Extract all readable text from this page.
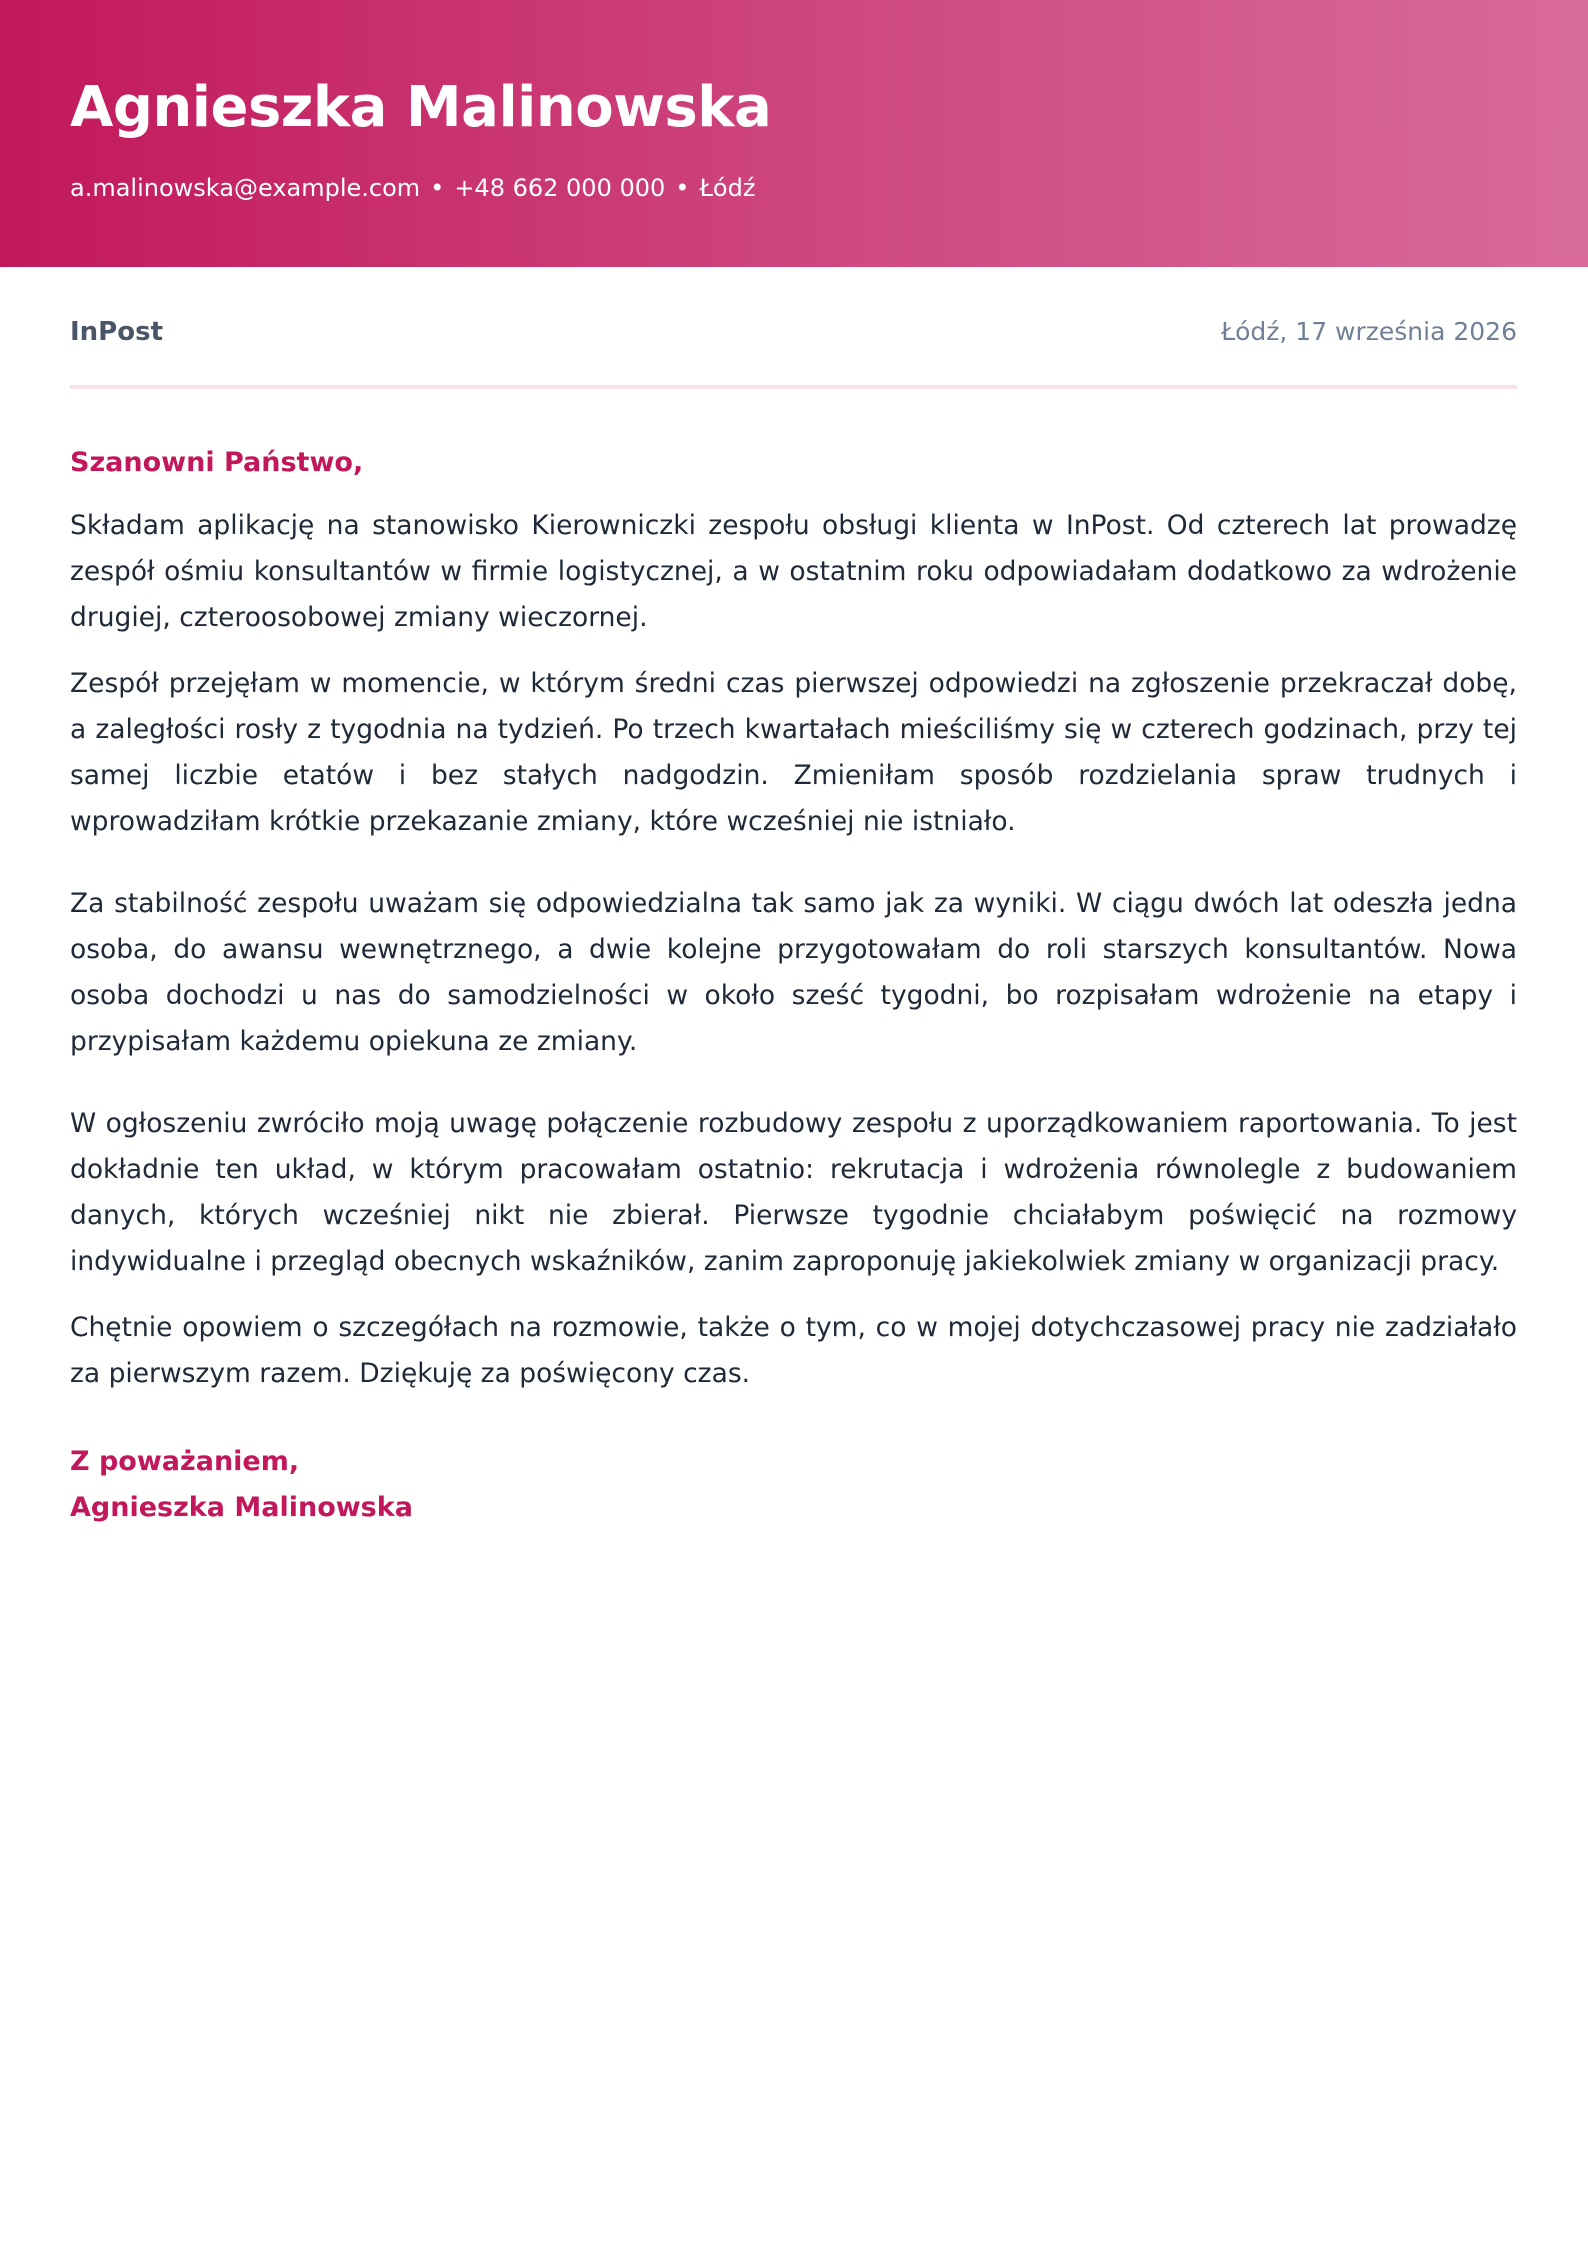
Agnieszka Malinowska
a.malinowska@example.com • +48 662 000 000 • Łódź
InPost	Łódź, 17 września 2026

Szanowni Państwo,

Składam aplikację na stanowisko Kierowniczki zespołu obsługi klienta w InPost. Od czterech lat prowadzę zespół ośmiu konsultantów w firmie logistycznej, a w ostatnim roku odpowiadałam dodatkowo za wdrożenie drugiej, czteroosobowej zmiany wieczornej.

Zespół przejęłam w momencie, w którym średni czas pierwszej odpowiedzi na zgłoszenie przekraczał dobę, a zaległości rosły z tygodnia na tydzień. Po trzech kwartałach mieściliśmy się w czterech godzinach, przy tej samej liczbie etatów i bez stałych nadgodzin. Zmieniłam sposób rozdzielania spraw trudnych i wprowadziłam krótkie przekazanie zmiany, które wcześniej nie istniało.

Za stabilność zespołu uważam się odpowiedzialna tak samo jak za wyniki. W ciągu dwóch lat odeszła jedna osoba, do awansu wewnętrznego, a dwie kolejne przygotowałam do roli starszych konsultantów. Nowa osoba dochodzi u nas do samodzielności w około sześć tygodni, bo rozpisałam wdrożenie na etapy i przypisałam każdemu opiekuna ze zmiany.

W ogłoszeniu zwróciło moją uwagę połączenie rozbudowy zespołu z uporządkowaniem raportowania. To jest dokładnie ten układ, w którym pracowałam ostatnio: rekrutacja i wdrożenia równolegle z budowaniem danych, których wcześniej nikt nie zbierał. Pierwsze tygodnie chciałabym poświęcić na rozmowy indywidualne i przegląd obecnych wskaźników, zanim zaproponuję jakiekolwiek zmiany w organizacji pracy.

Chętnie opowiem o szczegółach na rozmowie, także o tym, co w mojej dotychczasowej pracy nie zadziałało za pierwszym razem. Dziękuję za poświęcony czas.

Z poważaniem,

Agnieszka Malinowska
